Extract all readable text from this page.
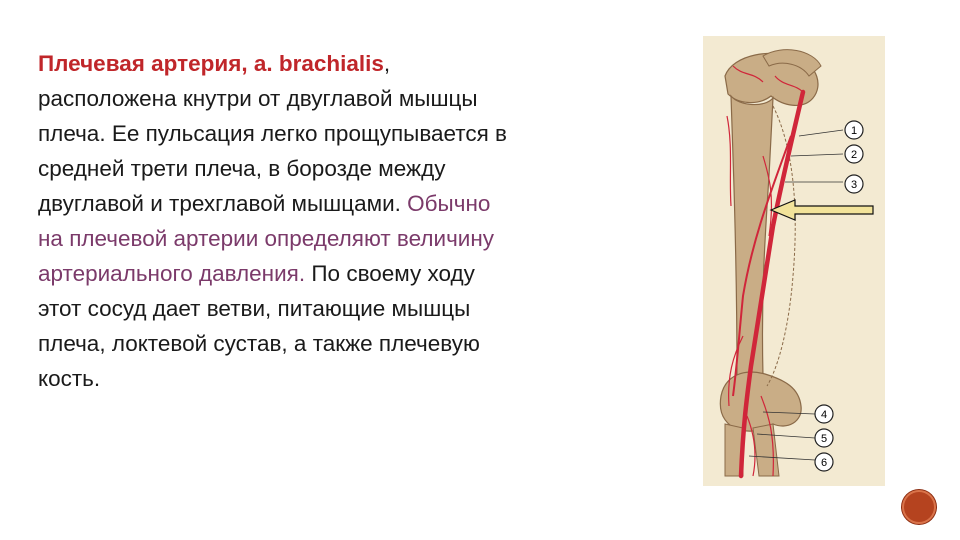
Плечевая артерия, a. brachialis,
расположена кнутри от двуглавой мышцы
плеча. Ее пульсация легко прощупывается в
средней трети плеча, в борозде между
двуглавой и трехглавой мышцами. Обычно
на плечевой артерии определяют величину
артериального давления. По своему ходу
этот сосуд дает ветви, питающие мышцы
плеча, локтевой сустав, а также плечевую
кость.
1
2
3
4
5
6
